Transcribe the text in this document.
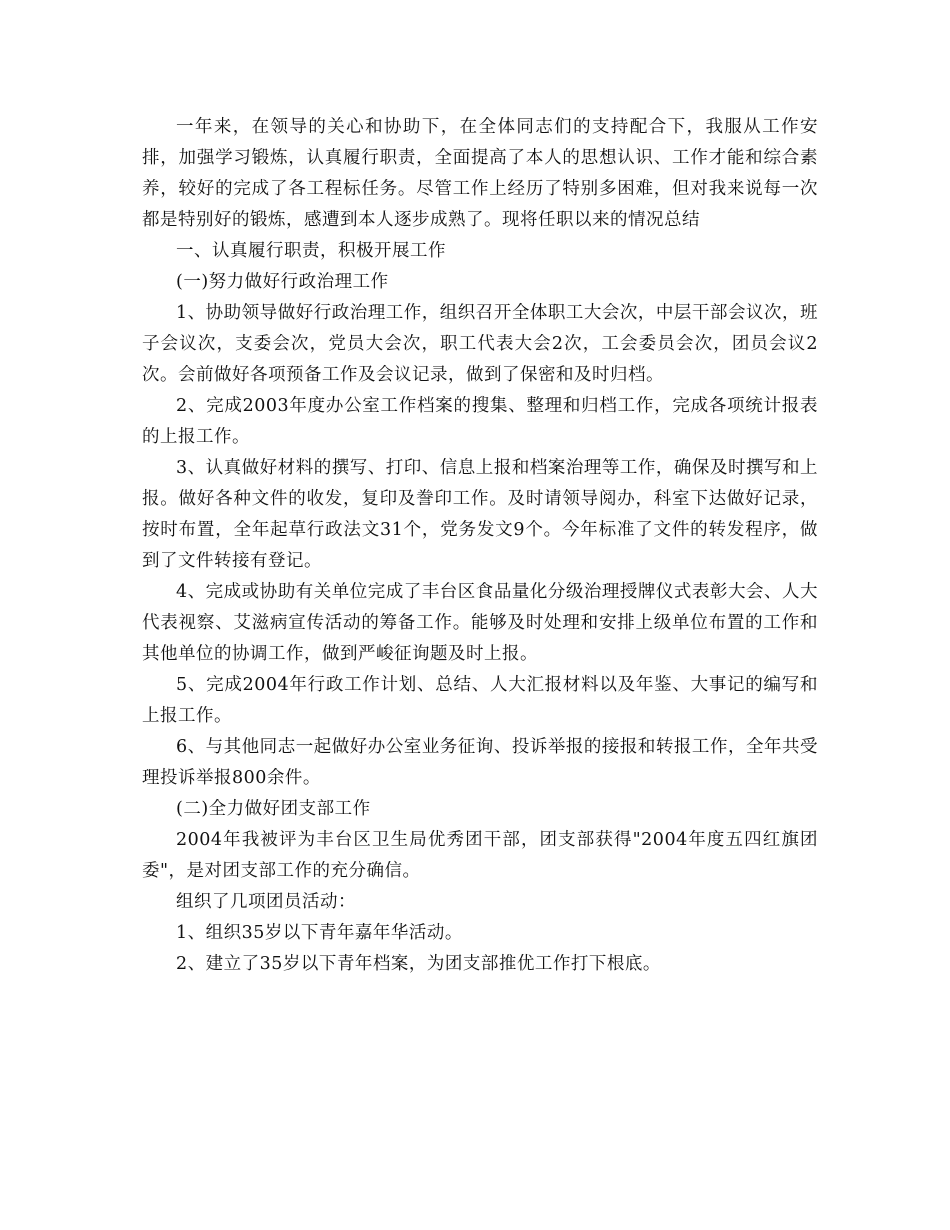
一年来，在领导的关心和协助下，在全体同志们的支持配合下，我服从工作安排，加强学习锻炼，认真履行职责，全面提高了本人的思想认识、工作才能和综合素养，较好的完成了各工程标任务。尽管工作上经历了特别多困难，但对我来说每一次都是特别好的锻炼，感遭到本人逐步成熟了。现将任职以来的情况总结

一、认真履行职责，积极开展工作

(一)努力做好行政治理工作

1、协助领导做好行政治理工作，组织召开全体职工大会次，中层干部会议次，班子会议次，支委会次，党员大会次，职工代表大会2次，工会委员会次，团员会议2次。会前做好各项预备工作及会议记录，做到了保密和及时归档。

2、完成2003年度办公室工作档案的搜集、整理和归档工作，完成各项统计报表的上报工作。

3、认真做好材料的撰写、打印、信息上报和档案治理等工作，确保及时撰写和上报。做好各种文件的收发，复印及誊印工作。及时请领导阅办，科室下达做好记录，按时布置，全年起草行政法文31个，党务发文9个。今年标准了文件的转发程序，做到了文件转接有登记。

4、完成或协助有关单位完成了丰台区食品量化分级治理授牌仪式表彰大会、人大代表视察、艾滋病宣传活动的筹备工作。能够及时处理和安排上级单位布置的工作和其他单位的协调工作，做到严峻征询题及时上报。

5、完成2004年行政工作计划、总结、人大汇报材料以及年鉴、大事记的编写和上报工作。

6、与其他同志一起做好办公室业务征询、投诉举报的接报和转报工作，全年共受理投诉举报800余件。

(二)全力做好团支部工作

2004年我被评为丰台区卫生局优秀团干部，团支部获得"2004年度五四红旗团委"，是对团支部工作的充分确信。

组织了几项团员活动：

1、组织35岁以下青年嘉年华活动。

2、建立了35岁以下青年档案，为团支部推优工作打下根底。
